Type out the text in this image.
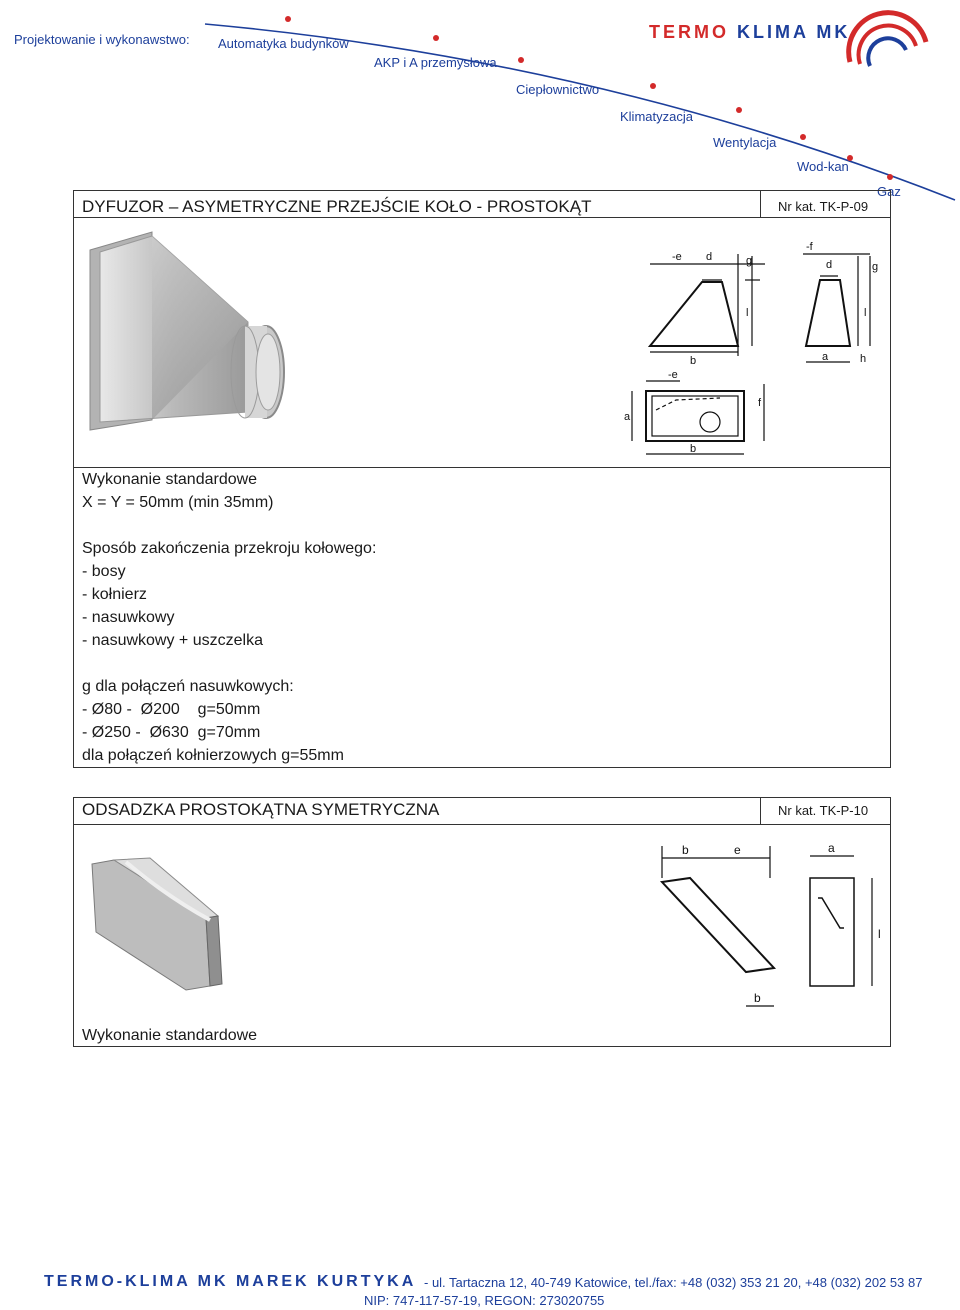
Projektowanie i wykonawstwo: Automatyka budynków
AKP i A przemysłowa
Ciepłownictwo
Klimatyzacja
Wentylacja
Wod-kan
Gaz
TERMO KLIMA MK
DYFUZOR – ASYMETRYCZNE PRZEJŚCIE KOŁO - PROSTOKĄT	Nr kat. TK-P-09
-e d	g
l
b
-f
d	g
l
a	h
-e
a
f
b
Wykonanie standardowe
X = Y = 50mm (min 35mm)
Sposób zakończenia przekroju kołowego:
- bosy
- kołnierz
- nasuwkowy
- nasuwkowy + uszczelka
g dla połączeń nasuwkowych:
- Ø80 -  Ø200    g=50mm
- Ø250 -  Ø630  g=70mm
dla połączeń kołnierzowych g=55mm
ODSADZKA PROSTOKĄTNA SYMETRYCZNA	Nr kat. TK-P-10
b	e	a
l
b
Wykonanie standardowe
TERMO-KLIMA MK MAREK KURTYKA - ul. Tartaczna 12, 40-749 Katowice, tel./fax: +48 (032) 353 21 20, +48 (032) 202 53 87
NIP: 747-117-57-19, REGON: 273020755
